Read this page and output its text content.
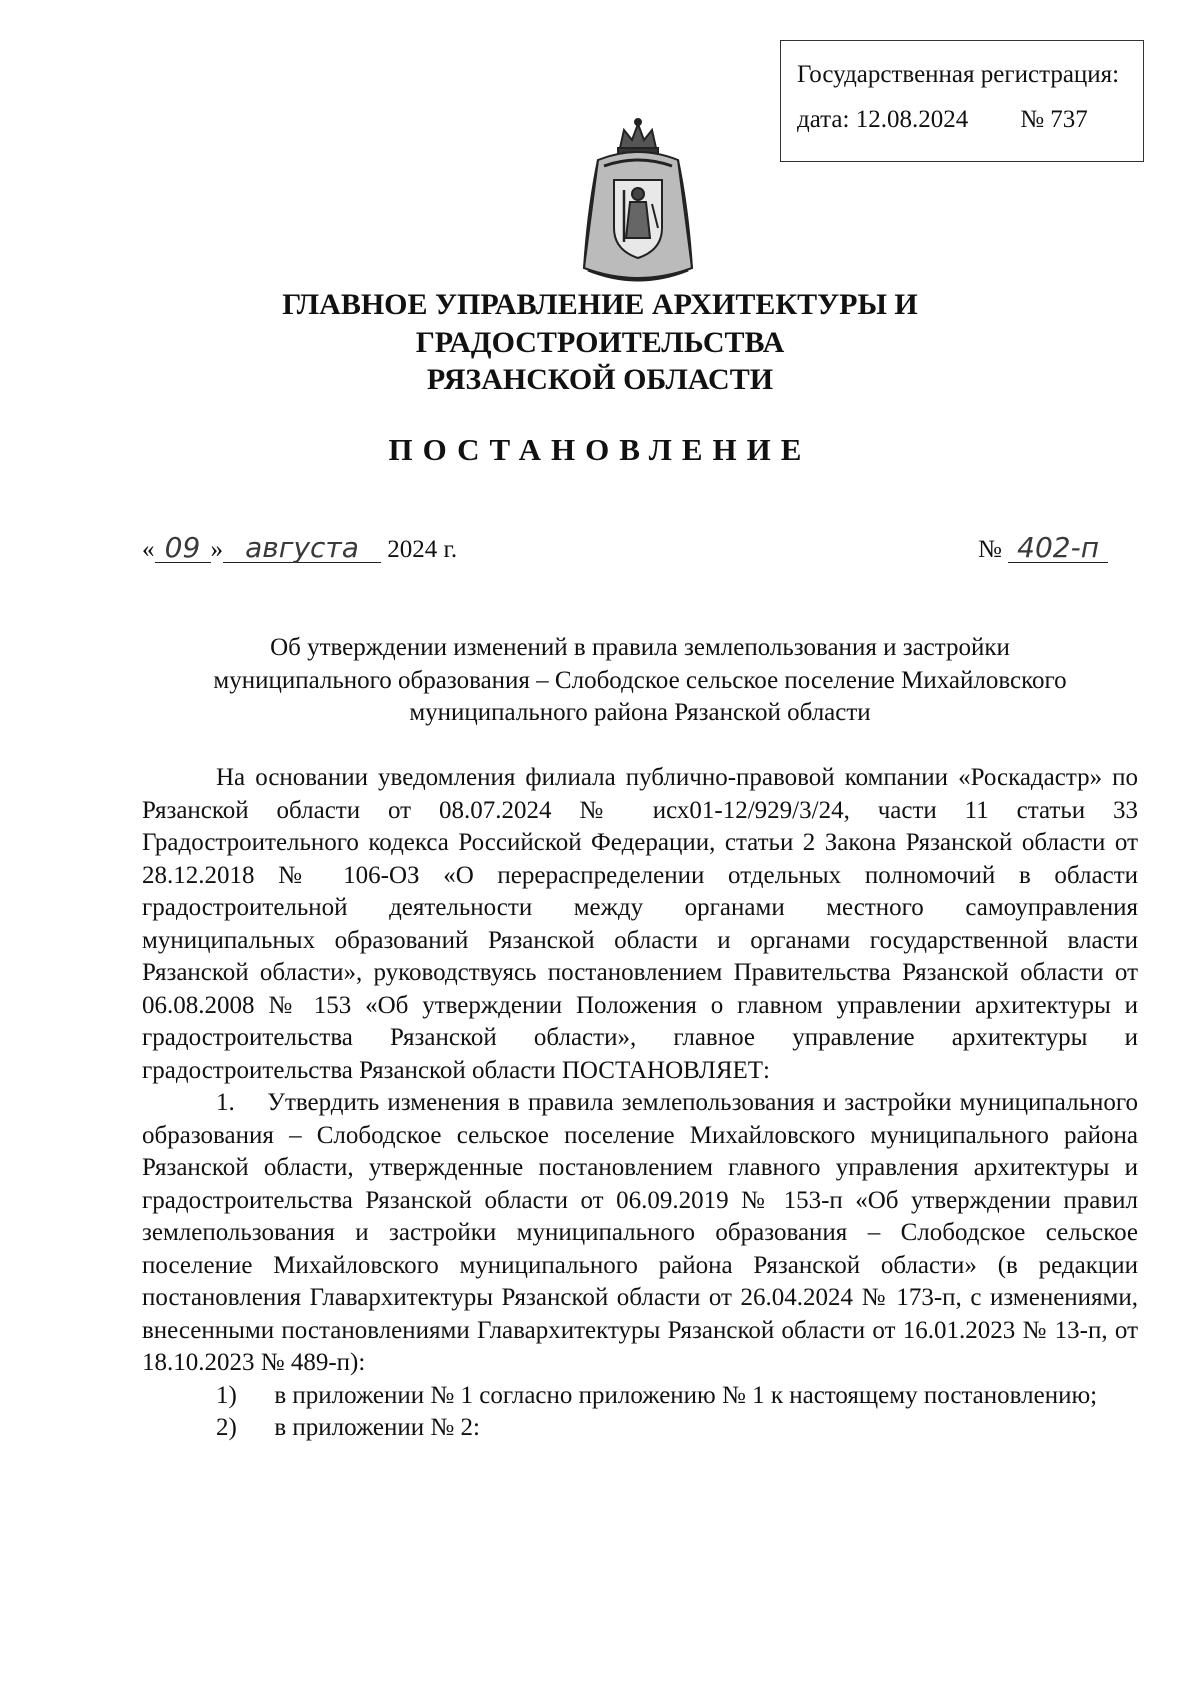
Государственная регистрация:
дата: 12.08.2024 № 737
ГЛАВНОЕ УПРАВЛЕНИЕ АРХИТЕКТУРЫ И ГРАДОСТРОИТЕЛЬСТВА
РЯЗАНСКОЙ ОБЛАСТИ
ПОСТАНОВЛЕНИЕ
« 09 » августа 2024 г.	№ 402-п
Об утверждении изменений в правила землепользования и застройки
муниципального образования – Слободское сельское поселение Михайловского
муниципального района Рязанской области

На основании уведомления филиала публично-правовой компании «Роскадастр» по Рязанской области от 08.07.2024 № исх01-12/929/3/24, части 11 статьи 33 Градостроительного кодекса Российской Федерации, статьи 2 Закона Рязанской области от 28.12.2018 № 106-ОЗ «О перераспределении отдельных полномочий в области градостроительной деятельности между органами местного самоуправления муниципальных образований Рязанской области и органами государственной власти Рязанской области», руководствуясь постановлением Правительства Рязанской области от 06.08.2008 № 153 «Об утверждении Положения о главном управлении архитектуры и градостроительства Рязанской области», главное управление архитектуры и градостроительства Рязанской области ПОСТАНОВЛЯЕТ:

1. Утвердить изменения в правила землепользования и застройки муниципального образования – Слободское сельское поселение Михайловского муниципального района Рязанской области, утвержденные постановлением главного управления архитектуры и градостроительства Рязанской области от 06.09.2019 № 153-п «Об утверждении правил землепользования и застройки муниципального образования – Слободское сельское поселение Михайловского муниципального района Рязанской области» (в редакции постановления Главархитектуры Рязанской области от 26.04.2024 № 173-п, с изменениями, внесенными постановлениями Главархитектуры Рязанской области от 16.01.2023 № 13-п, от 18.10.2023 № 489-п):

1) в приложении № 1 согласно приложению № 1 к настоящему постановлению;

2) в приложении № 2:
